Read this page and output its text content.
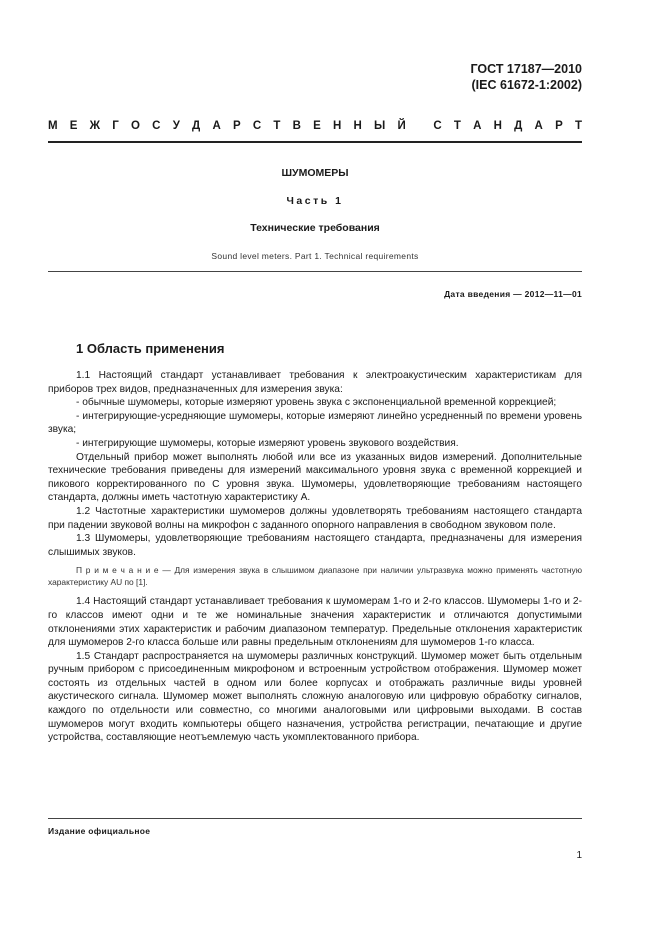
ГОСТ 17187—2010
(IEC 61672-1:2002)
М Е Ж Г О С У Д А Р С Т В Е Н Н Ы Й
С Т А Н Д А Р Т
ШУМОМЕРЫ
Часть 1
Технические требования
Sound level meters. Part 1. Technical requirements
Дата введения — 2012—11—01
1 Область применения

1.1 Настоящий стандарт устанавливает требования к электроакустическим характеристикам для приборов трех видов, предназначенных для измерения звука:

- обычные шумомеры, которые измеряют уровень звука с экспоненциальной временной коррекцией;

- интегрирующие-усредняющие шумомеры, которые измеряют линейно усредненный по времени уровень звука;

- интегрирующие шумомеры, которые измеряют уровень звукового воздействия.

Отдельный прибор может выполнять любой или все из указанных видов измерений. Дополнительные технические требования приведены для измерений максимального уровня звука с временной коррекцией и пикового корректированного по C уровня звука. Шумомеры, удовлетворяющие требованиям настоящего стандарта, должны иметь частотную характеристику A.

1.2 Частотные характеристики шумомеров должны удовлетворять требованиям настоящего стандарта при падении звуковой волны на микрофон с заданного опорного направления в свободном звуковом поле.

1.3 Шумомеры, удовлетворяющие требованиям настоящего стандарта, предназначены для измерения слышимых звуков.

П р и м е ч а н и е — Для измерения звука в слышимом диапазоне при наличии ультразвука можно применять частотную характеристику AU по [1].

1.4 Настоящий стандарт устанавливает требования к шумомерам 1-го и 2-го классов. Шумомеры 1-го и 2-го классов имеют одни и те же номинальные значения характеристик и отличаются допустимыми отклонениями этих характеристик и рабочим диапазоном температур. Предельные отклонения характеристик для шумомеров 2-го класса больше или равны предельным отклонениям для шумомеров 1-го класса.

1.5 Стандарт распространяется на шумомеры различных конструкций. Шумомер может быть отдельным ручным прибором с присоединенным микрофоном и встроенным устройством отображения. Шумомер может состоять из отдельных частей в одном или более корпусах и отображать различные виды уровней акустического сигнала. Шумомер может выполнять сложную аналоговую или цифровую обработку сигналов, каждого по отдельности или совместно, со многими аналоговыми или цифровыми выходами. В состав шумомеров могут входить компьютеры общего назначения, устройства регистрации, печатающие и другие устройства, составляющие неотъемлемую часть укомплектованного прибора.

Издание официальное
1
